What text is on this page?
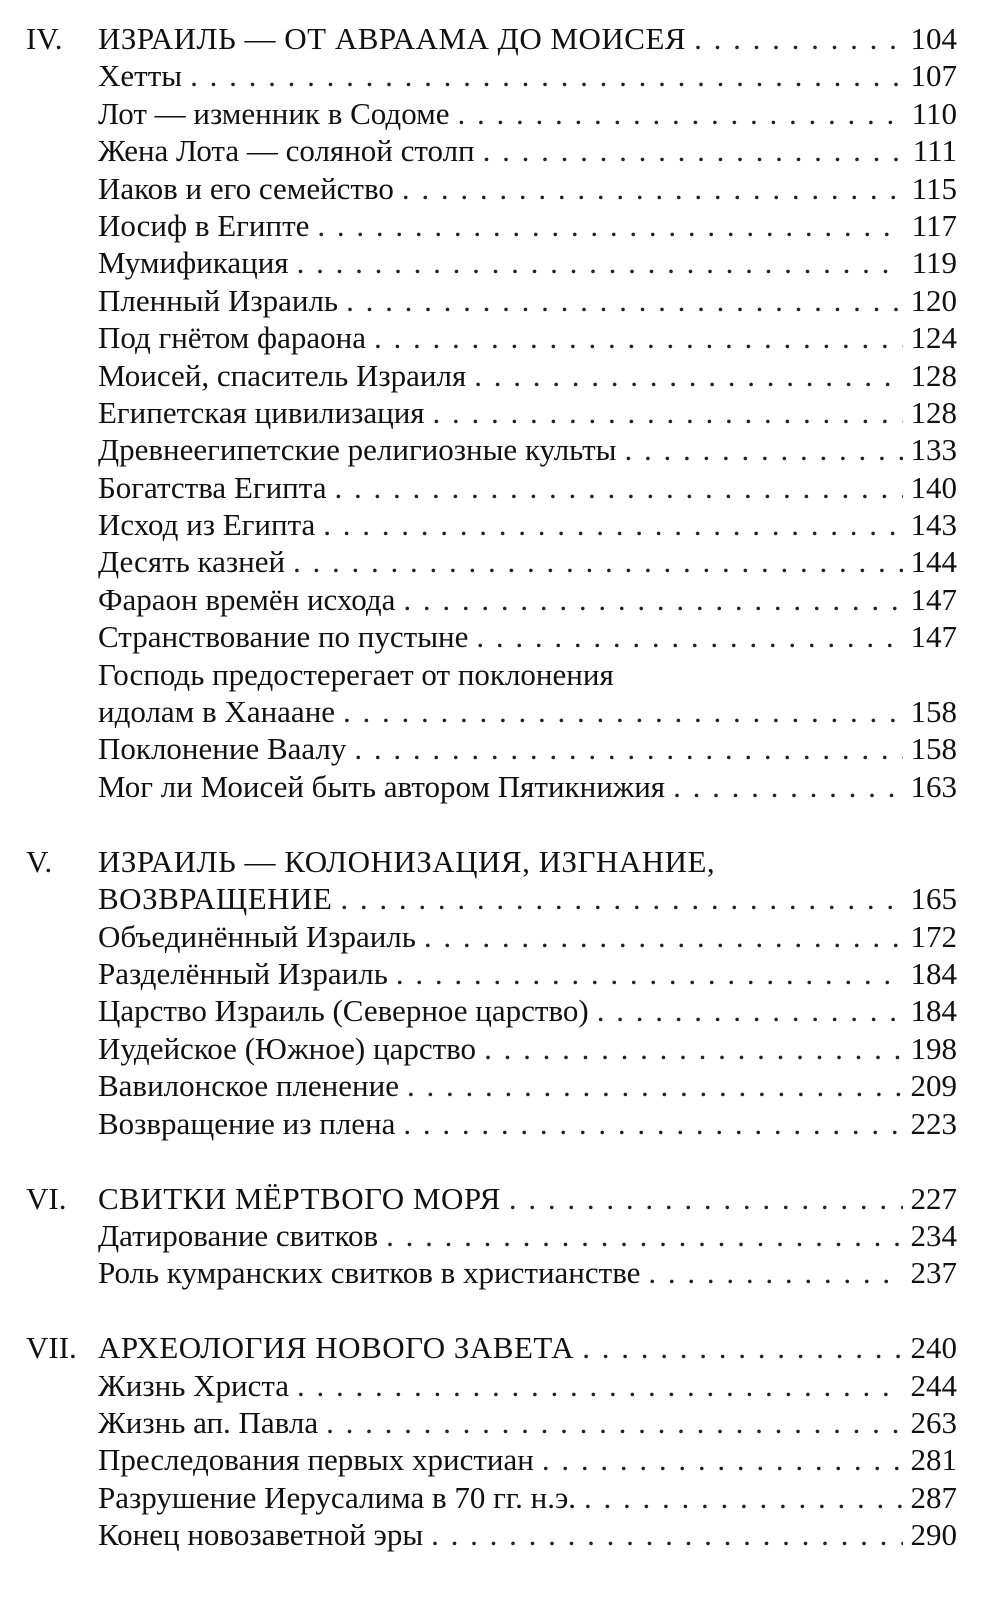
IV. ИЗРАИЛЬ — ОТ АВРААМА ДО МОИСЕЯ . . .	104
Хетты . . .	107
Лот — изменник в Содоме . . .	110
Жена Лота — соляной столп . . .	111
Иаков и его семейство . . .	115
Иосиф в Египте . . .	117
Мумификация . . .	119
Пленный Израиль . . .	120
Под гнётом фараона . . .	124
Моисей, спаситель Израиля . . .	128
Египетская цивилизация . . .	128
Древнеегипетские религиозные культы . . .	133
Богатства Египта . . .	140
Исход из Египта . . .	143
Десять казней . . .	144
Фараон времён исхода . . .	147
Странствование по пустыне . . .	147
Господь предостерегает от поклонения
идолам в Ханаане . . .	158
Поклонение Ваалу . . .	158
Мог ли Моисей быть автором Пятикнижия . . .	163
V. ИЗРАИЛЬ — КОЛОНИЗАЦИЯ, ИЗГНАНИЕ,
ВОЗВРАЩЕНИЕ . . .	165
Объединённый Израиль . . .	172
Разделённый Израиль . . .	184
Царство Израиль (Северное царство) . . .	184
Иудейское (Южное) царство . . .	198
Вавилонское пленение . . .	209
Возвращение из плена . . .	223
VI. СВИТКИ МЁРТВОГО МОРЯ . . .	227
Датирование свитков . . .	234
Роль кумранских свитков в христианстве . . .	237
VII. АРХЕОЛОГИЯ НОВОГО ЗАВЕТА . . .	240
Жизнь Христа . . .	244
Жизнь ап. Павла . . .	263
Преследования первых христиан . . .	281
Разрушение Иерусалима в 70 гг. н.э. . . .	287
Конец новозаветной эры . . .	290
